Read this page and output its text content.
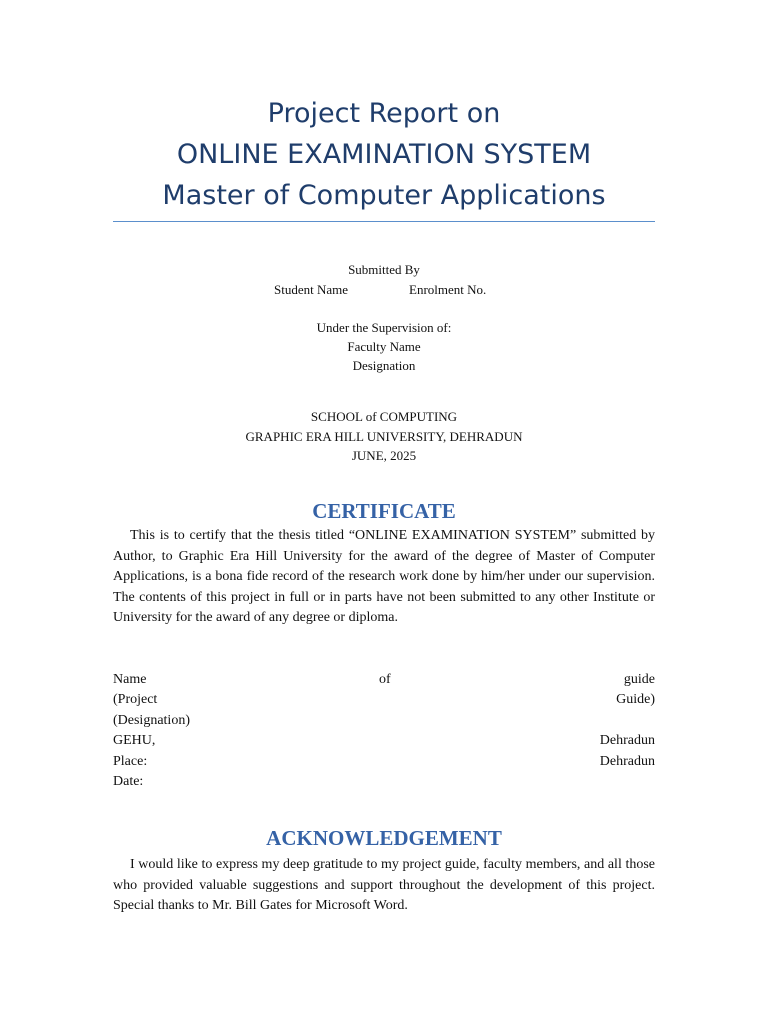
Project Report on
ONLINE EXAMINATION SYSTEM
Master of Computer Applications
Submitted By
Student Name	Enrolment No.
Under the Supervision of:
Faculty Name
Designation
SCHOOL of COMPUTING
GRAPHIC ERA HILL UNIVERSITY, DEHRADUN
JUNE, 2025
CERTIFICATE
This is to certify that the thesis titled “ONLINE EXAMINATION SYSTEM” submitted by Author, to Graphic Era Hill University for the award of the degree of Master of Computer Applications, is a bona fide record of the research work done by him/her under our supervision. The contents of this project in full or in parts have not been submitted to any other Institute or University for the award of any degree or diploma.
Name	of	guide
(Project	Guide)
(Designation)
GEHU,	Dehradun
Place:	Dehradun
Date:
ACKNOWLEDGEMENT
I would like to express my deep gratitude to my project guide, faculty members, and all those who provided valuable suggestions and support throughout the development of this project. Special thanks to Mr. Bill Gates for Microsoft Word.
